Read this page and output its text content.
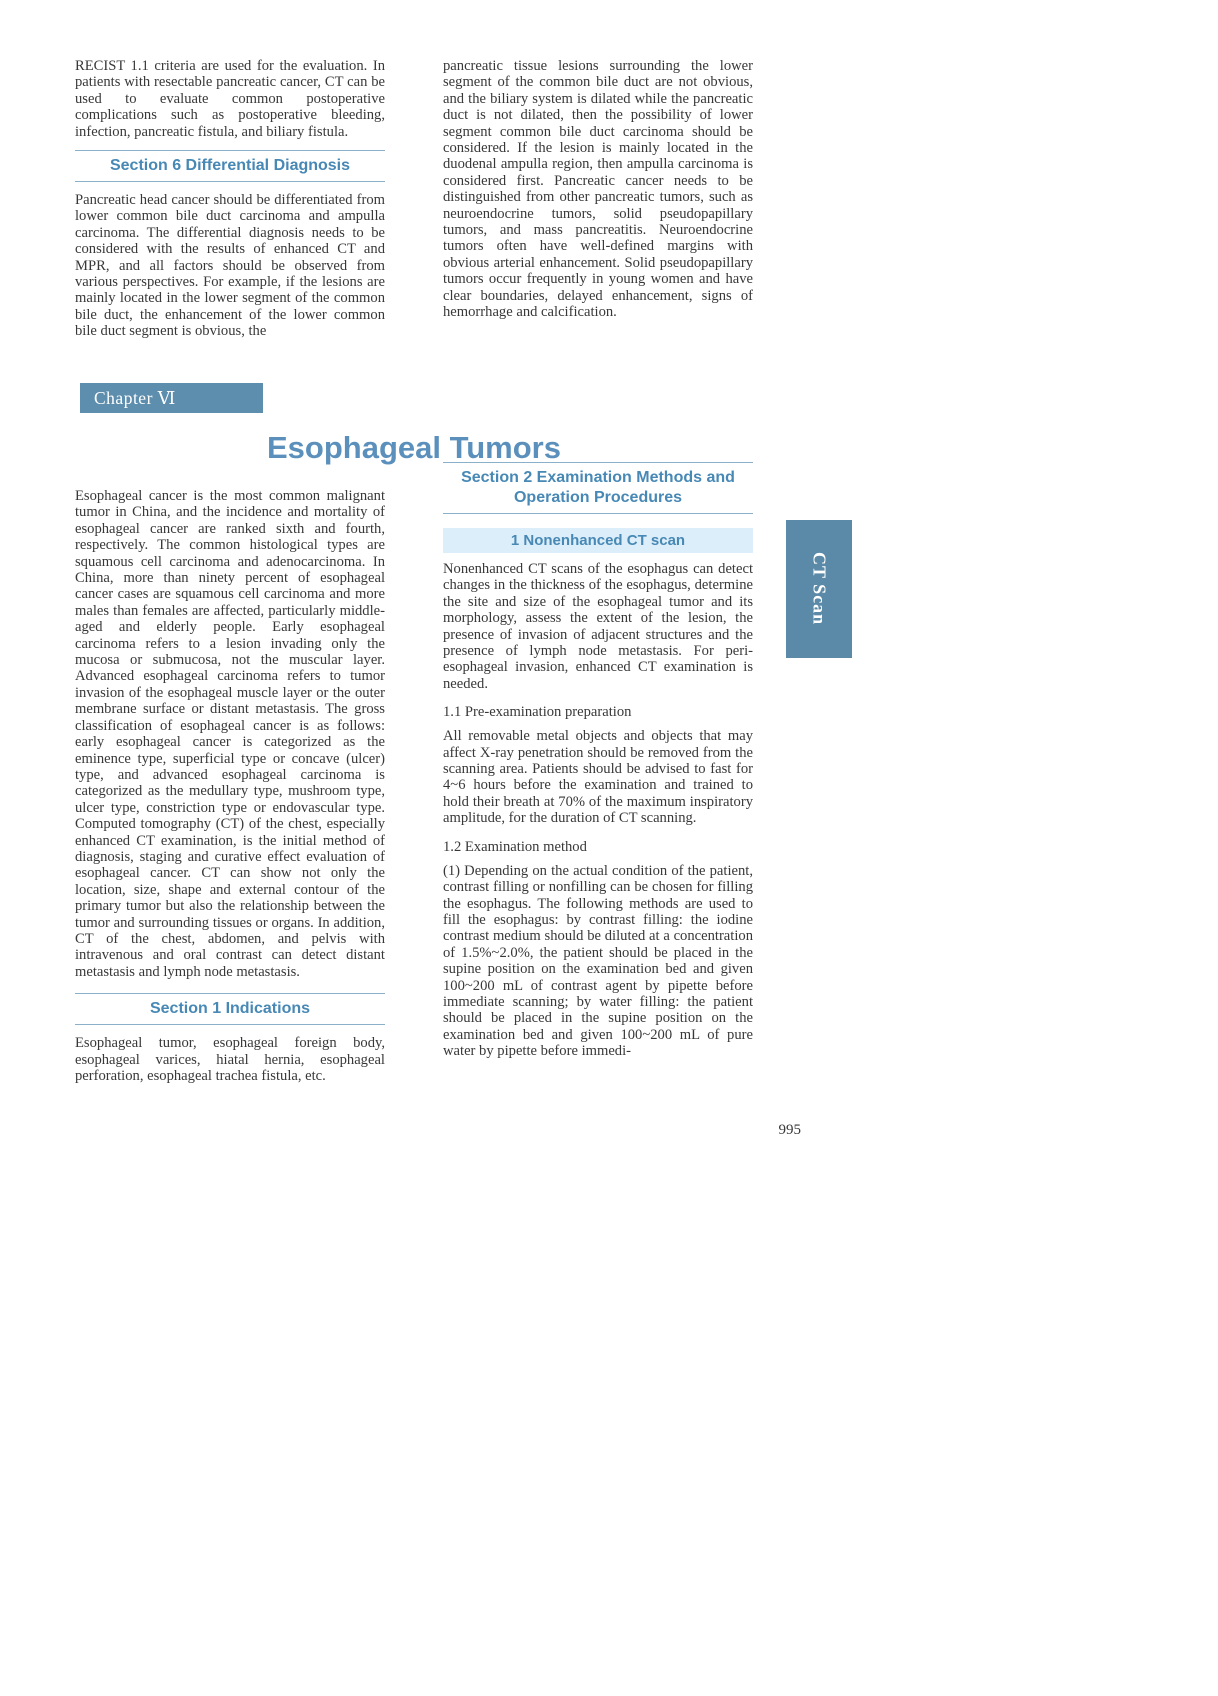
RECIST 1.1 criteria are used for the evaluation. In patients with resectable pancreatic cancer, CT can be used to evaluate common postoperative complications such as postoperative bleeding, infection, pancreatic fistula, and biliary fistula.

Section 6 Differential Diagnosis

Pancreatic head cancer should be differentiated from lower common bile duct carcinoma and ampulla carcinoma. The differential diagnosis needs to be considered with the results of enhanced CT and MPR, and all factors should be observed from various perspectives. For example, if the lesions are mainly located in the lower segment of the common bile duct, the enhancement of the lower common bile duct segment is obvious, the

pancreatic tissue lesions surrounding the lower segment of the common bile duct are not obvious, and the biliary system is dilated while the pancreatic duct is not dilated, then the possibility of lower segment common bile duct carcinoma should be considered. If the lesion is mainly located in the duodenal ampulla region, then ampulla carcinoma is considered first. Pancreatic cancer needs to be distinguished from other pancreatic tumors, such as neuroendocrine tumors, solid pseudopapillary tumors, and mass pancreatitis. Neuroendocrine tumors often have well-defined margins with obvious arterial enhancement. Solid pseudopapillary tumors occur frequently in young women and have clear boundaries, delayed enhancement, signs of hemorrhage and calcification.

Chapter Ⅵ
Esophageal Tumors

Esophageal cancer is the most common malignant tumor in China, and the incidence and mortality of esophageal cancer are ranked sixth and fourth, respectively. The common histological types are squamous cell carcinoma and adenocarcinoma. In China, more than ninety percent of esophageal cancer cases are squamous cell carcinoma and more males than females are affected, particularly middle-aged and elderly people. Early esophageal carcinoma refers to a lesion invading only the mucosa or submucosa, not the muscular layer. Advanced esophageal carcinoma refers to tumor invasion of the esophageal muscle layer or the outer membrane surface or distant metastasis. The gross classification of esophageal cancer is as follows: early esophageal cancer is categorized as the eminence type, superficial type or concave (ulcer) type, and advanced esophageal carcinoma is categorized as the medullary type, mushroom type, ulcer type, constriction type or endovascular type. Computed tomography (CT) of the chest, especially enhanced CT examination, is the initial method of diagnosis, staging and curative effect evaluation of esophageal cancer. CT can show not only the location, size, shape and external contour of the primary tumor but also the relationship between the tumor and surrounding tissues or organs. In addition, CT of the chest, abdomen, and pelvis with intravenous and oral contrast can detect distant metastasis and lymph node metastasis.

Section 1 Indications

Esophageal tumor, esophageal foreign body, esophageal varices, hiatal hernia, esophageal perforation, esophageal trachea fistula, etc.

Section 2 Examination Methods and
Operation Procedures
1 Nonenhanced CT scan

Nonenhanced CT scans of the esophagus can detect changes in the thickness of the esophagus, determine the site and size of the esophageal tumor and its morphology, assess the extent of the lesion, the presence of invasion of adjacent structures and the presence of lymph node metastasis. For peri-esophageal invasion, enhanced CT examination is needed.

1.1 Pre-examination preparation

All removable metal objects and objects that may affect X-ray penetration should be removed from the scanning area. Patients should be advised to fast for 4~6 hours before the examination and trained to hold their breath at 70% of the maximum inspiratory amplitude, for the duration of CT scanning.

1.2 Examination method

(1) Depending on the actual condition of the patient, contrast filling or nonfilling can be chosen for filling the esophagus. The following methods are used to fill the esophagus: by contrast filling: the iodine contrast medium should be diluted at a concentration of 1.5%~2.0%, the patient should be placed in the supine position on the examination bed and given 100~200 mL of contrast agent by pipette before immediate scanning; by water filling: the patient should be placed in the supine position on the examination bed and given 100~200 mL of pure water by pipette before immedi-

CT Scan
995
